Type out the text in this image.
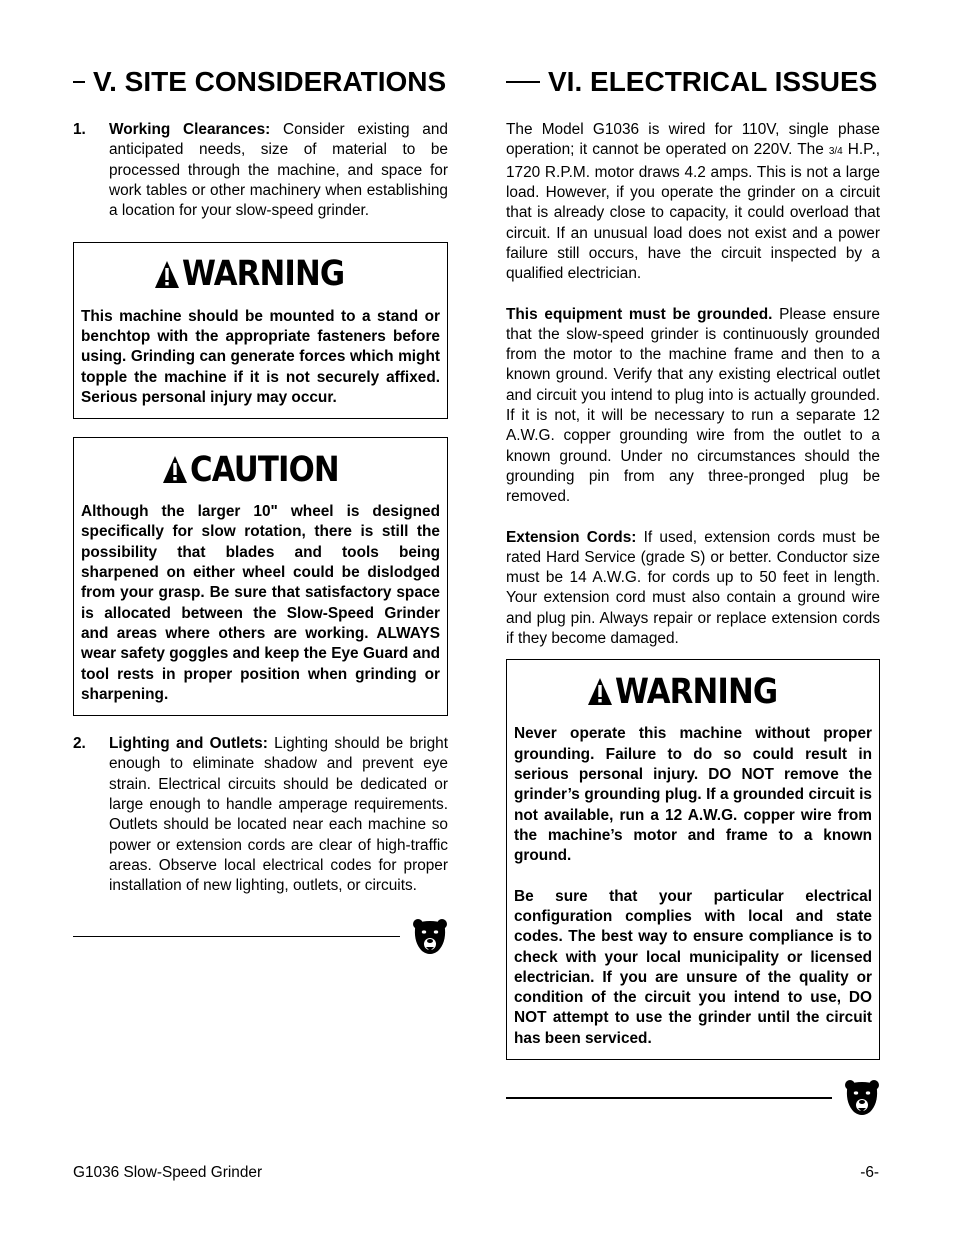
V. SITE CONSIDERATIONS
1.	Working Clearances: Consider existing and anticipated needs, size of material to be processed through the machine, and space for work tables or other machinery when establishing a location for your slow-speed grinder.
WARNING

This machine should be mounted to a stand or benchtop with the appropriate fasteners before using. Grinding can generate forces which might topple the machine if it is not securely affixed. Serious personal injury may occur.

CAUTION

Although the larger 10" wheel is designed specifically for slow rotation, there is still the possibility that blades and tools being sharpened on either wheel could be dislodged from your grasp. Be sure that satisfactory space is allocated between the Slow-Speed Grinder and areas where others are working. ALWAYS wear safety goggles and keep the Eye Guard and tool rests in proper position when grinding or sharpening.

2.	Lighting and Outlets: Lighting should be bright enough to eliminate shadow and prevent eye strain. Electrical circuits should be dedicated or large enough to handle amperage requirements. Outlets should be located near each machine so power or extension cords are clear of high-traffic areas. Observe local electrical codes for proper installation of new lighting, outlets, or circuits.
VI. ELECTRICAL ISSUES

The Model G1036 is wired for 110V, single phase operation; it cannot be operated on 220V. The 3/4 H.P., 1720 R.P.M. motor draws 4.2 amps. This is not a large load. However, if you operate the grinder on a circuit that is already close to capacity, it could overload that circuit. If an unusual load does not exist and a power failure still occurs, have the circuit inspected by a qualified electrician.

This equipment must be grounded. Please ensure that the slow-speed grinder is continuously grounded from the motor to the machine frame and then to a known ground. Verify that any existing electrical outlet and circuit you intend to plug into is actually grounded. If it is not, it will be necessary to run a separate 12 A.W.G. copper grounding wire from the outlet to a known ground. Under no circumstances should the grounding pin from any three-pronged plug be removed.

Extension Cords: If used, extension cords must be rated Hard Service (grade S) or better. Conductor size must be 14 A.W.G. for cords up to 50 feet in length. Your extension cord must also contain a ground wire and plug pin. Always repair or replace extension cords if they become damaged.

WARNING

Never operate this machine without proper grounding. Failure to do so could result in serious personal injury. DO NOT remove the grinder’s grounding plug. If a grounded circuit is not available, run a 12 A.W.G. copper wire from the machine’s motor and frame to a known ground.

Be sure that your particular electrical configuration complies with local and state codes. The best way to ensure compliance is to check with your local municipality or licensed electrician. If you are unsure of the quality or condition of the circuit you intend to use, DO NOT attempt to use the grinder until the circuit has been serviced.

G1036 Slow-Speed Grinder	-6-
